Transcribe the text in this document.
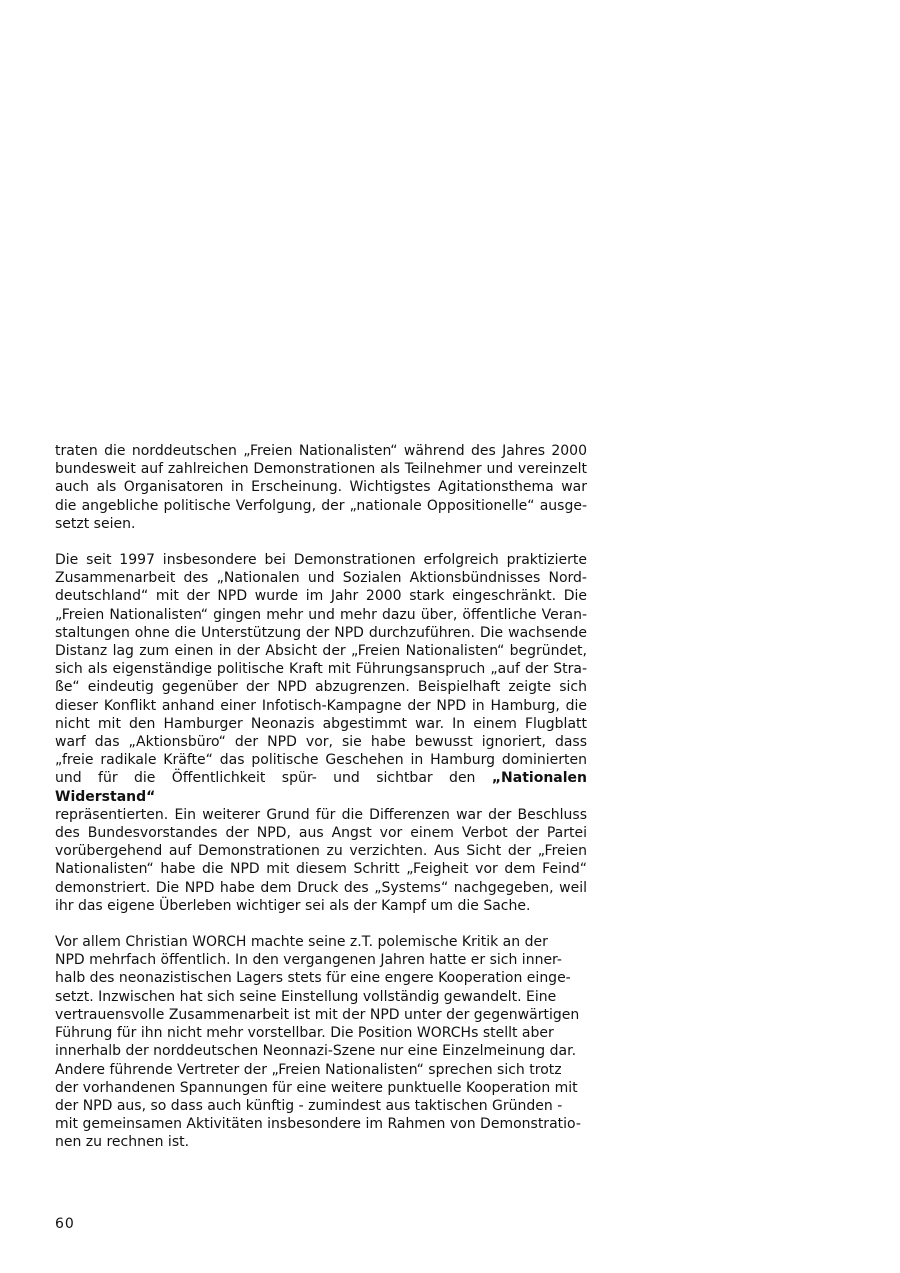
traten die norddeutschen „Freien Nationalisten“ während des Jahres 2000
bundesweit auf zahlreichen Demonstrationen als Teilnehmer und vereinzelt
auch als Organisatoren in Erscheinung. Wichtigstes Agitationsthema war
die angebliche politische Verfolgung, der „nationale Oppositionelle“ ausge-
setzt seien.

Die seit 1997 insbesondere bei Demonstrationen erfolgreich praktizierte
Zusammenarbeit des „Nationalen und Sozialen Aktionsbündnisses Nord-
deutschland“ mit der NPD wurde im Jahr 2000 stark eingeschränkt. Die
„Freien Nationalisten“ gingen mehr und mehr dazu über, öffentliche Veran-
staltungen ohne die Unterstützung der NPD durchzuführen. Die wachsende
Distanz lag zum einen in der Absicht der „Freien Nationalisten“ begründet,
sich als eigenständige politische Kraft mit Führungsanspruch „auf der Stra-
ße“ eindeutig gegenüber der NPD abzugrenzen. Beispielhaft zeigte sich
dieser Konflikt anhand einer Infotisch-Kampagne der NPD in Hamburg, die
nicht mit den Hamburger Neonazis abgestimmt war. In einem Flugblatt
warf das „Aktionsbüro“ der NPD vor, sie habe bewusst ignoriert, dass
„freie radikale Kräfte“ das politische Geschehen in Hamburg dominierten
und für die Öffentlichkeit spür- und sichtbar den „Nationalen Widerstand“
repräsentierten. Ein weiterer Grund für die Differenzen war der Beschluss
des Bundesvorstandes der NPD, aus Angst vor einem Verbot der Partei
vorübergehend auf Demonstrationen zu verzichten. Aus Sicht der „Freien
Nationalisten“ habe die NPD mit diesem Schritt „Feigheit vor dem Feind“
demonstriert. Die NPD habe dem Druck des „Systems“ nachgegeben, weil
ihr das eigene Überleben wichtiger sei als der Kampf um die Sache.

Vor allem Christian WORCH machte seine z.T. polemische Kritik an der
NPD mehrfach öffentlich. In den vergangenen Jahren hatte er sich inner-
halb des neonazistischen Lagers stets für eine engere Kooperation einge-
setzt. Inzwischen hat sich seine Einstellung vollständig gewandelt. Eine
vertrauensvolle Zusammenarbeit ist mit der NPD unter der gegenwärtigen
Führung für ihn nicht mehr vorstellbar. Die Position WORCHs stellt aber
innerhalb der norddeutschen Neonnazi-Szene nur eine Einzelmeinung dar.
Andere führende Vertreter der „Freien Nationalisten“ sprechen sich trotz
der vorhandenen Spannungen für eine weitere punktuelle Kooperation mit
der NPD aus, so dass auch künftig - zumindest aus taktischen Gründen -
mit gemeinsamen Aktivitäten insbesondere im Rahmen von Demonstratio-
nen zu rechnen ist.

60
